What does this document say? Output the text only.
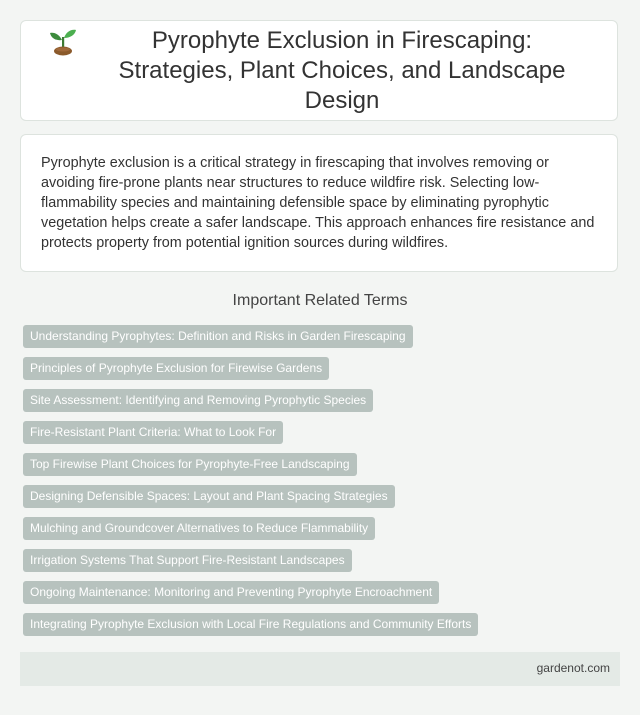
Pyrophyte Exclusion in Firescaping: Strategies, Plant Choices, and Landscape Design

Pyrophyte exclusion is a critical strategy in firescaping that involves removing or avoiding fire-prone plants near structures to reduce wildfire risk. Selecting low-flammability species and maintaining defensible space by eliminating pyrophytic vegetation helps create a safer landscape. This approach enhances fire resistance and protects property from potential ignition sources during wildfires.

Important Related Terms
Understanding Pyrophytes: Definition and Risks in Garden Firescaping
Principles of Pyrophyte Exclusion for Firewise Gardens
Site Assessment: Identifying and Removing Pyrophytic Species
Fire-Resistant Plant Criteria: What to Look For
Top Firewise Plant Choices for Pyrophyte-Free Landscaping
Designing Defensible Spaces: Layout and Plant Spacing Strategies
Mulching and Groundcover Alternatives to Reduce Flammability
Irrigation Systems That Support Fire-Resistant Landscapes
Ongoing Maintenance: Monitoring and Preventing Pyrophyte Encroachment
Integrating Pyrophyte Exclusion with Local Fire Regulations and Community Efforts
gardenot.com
